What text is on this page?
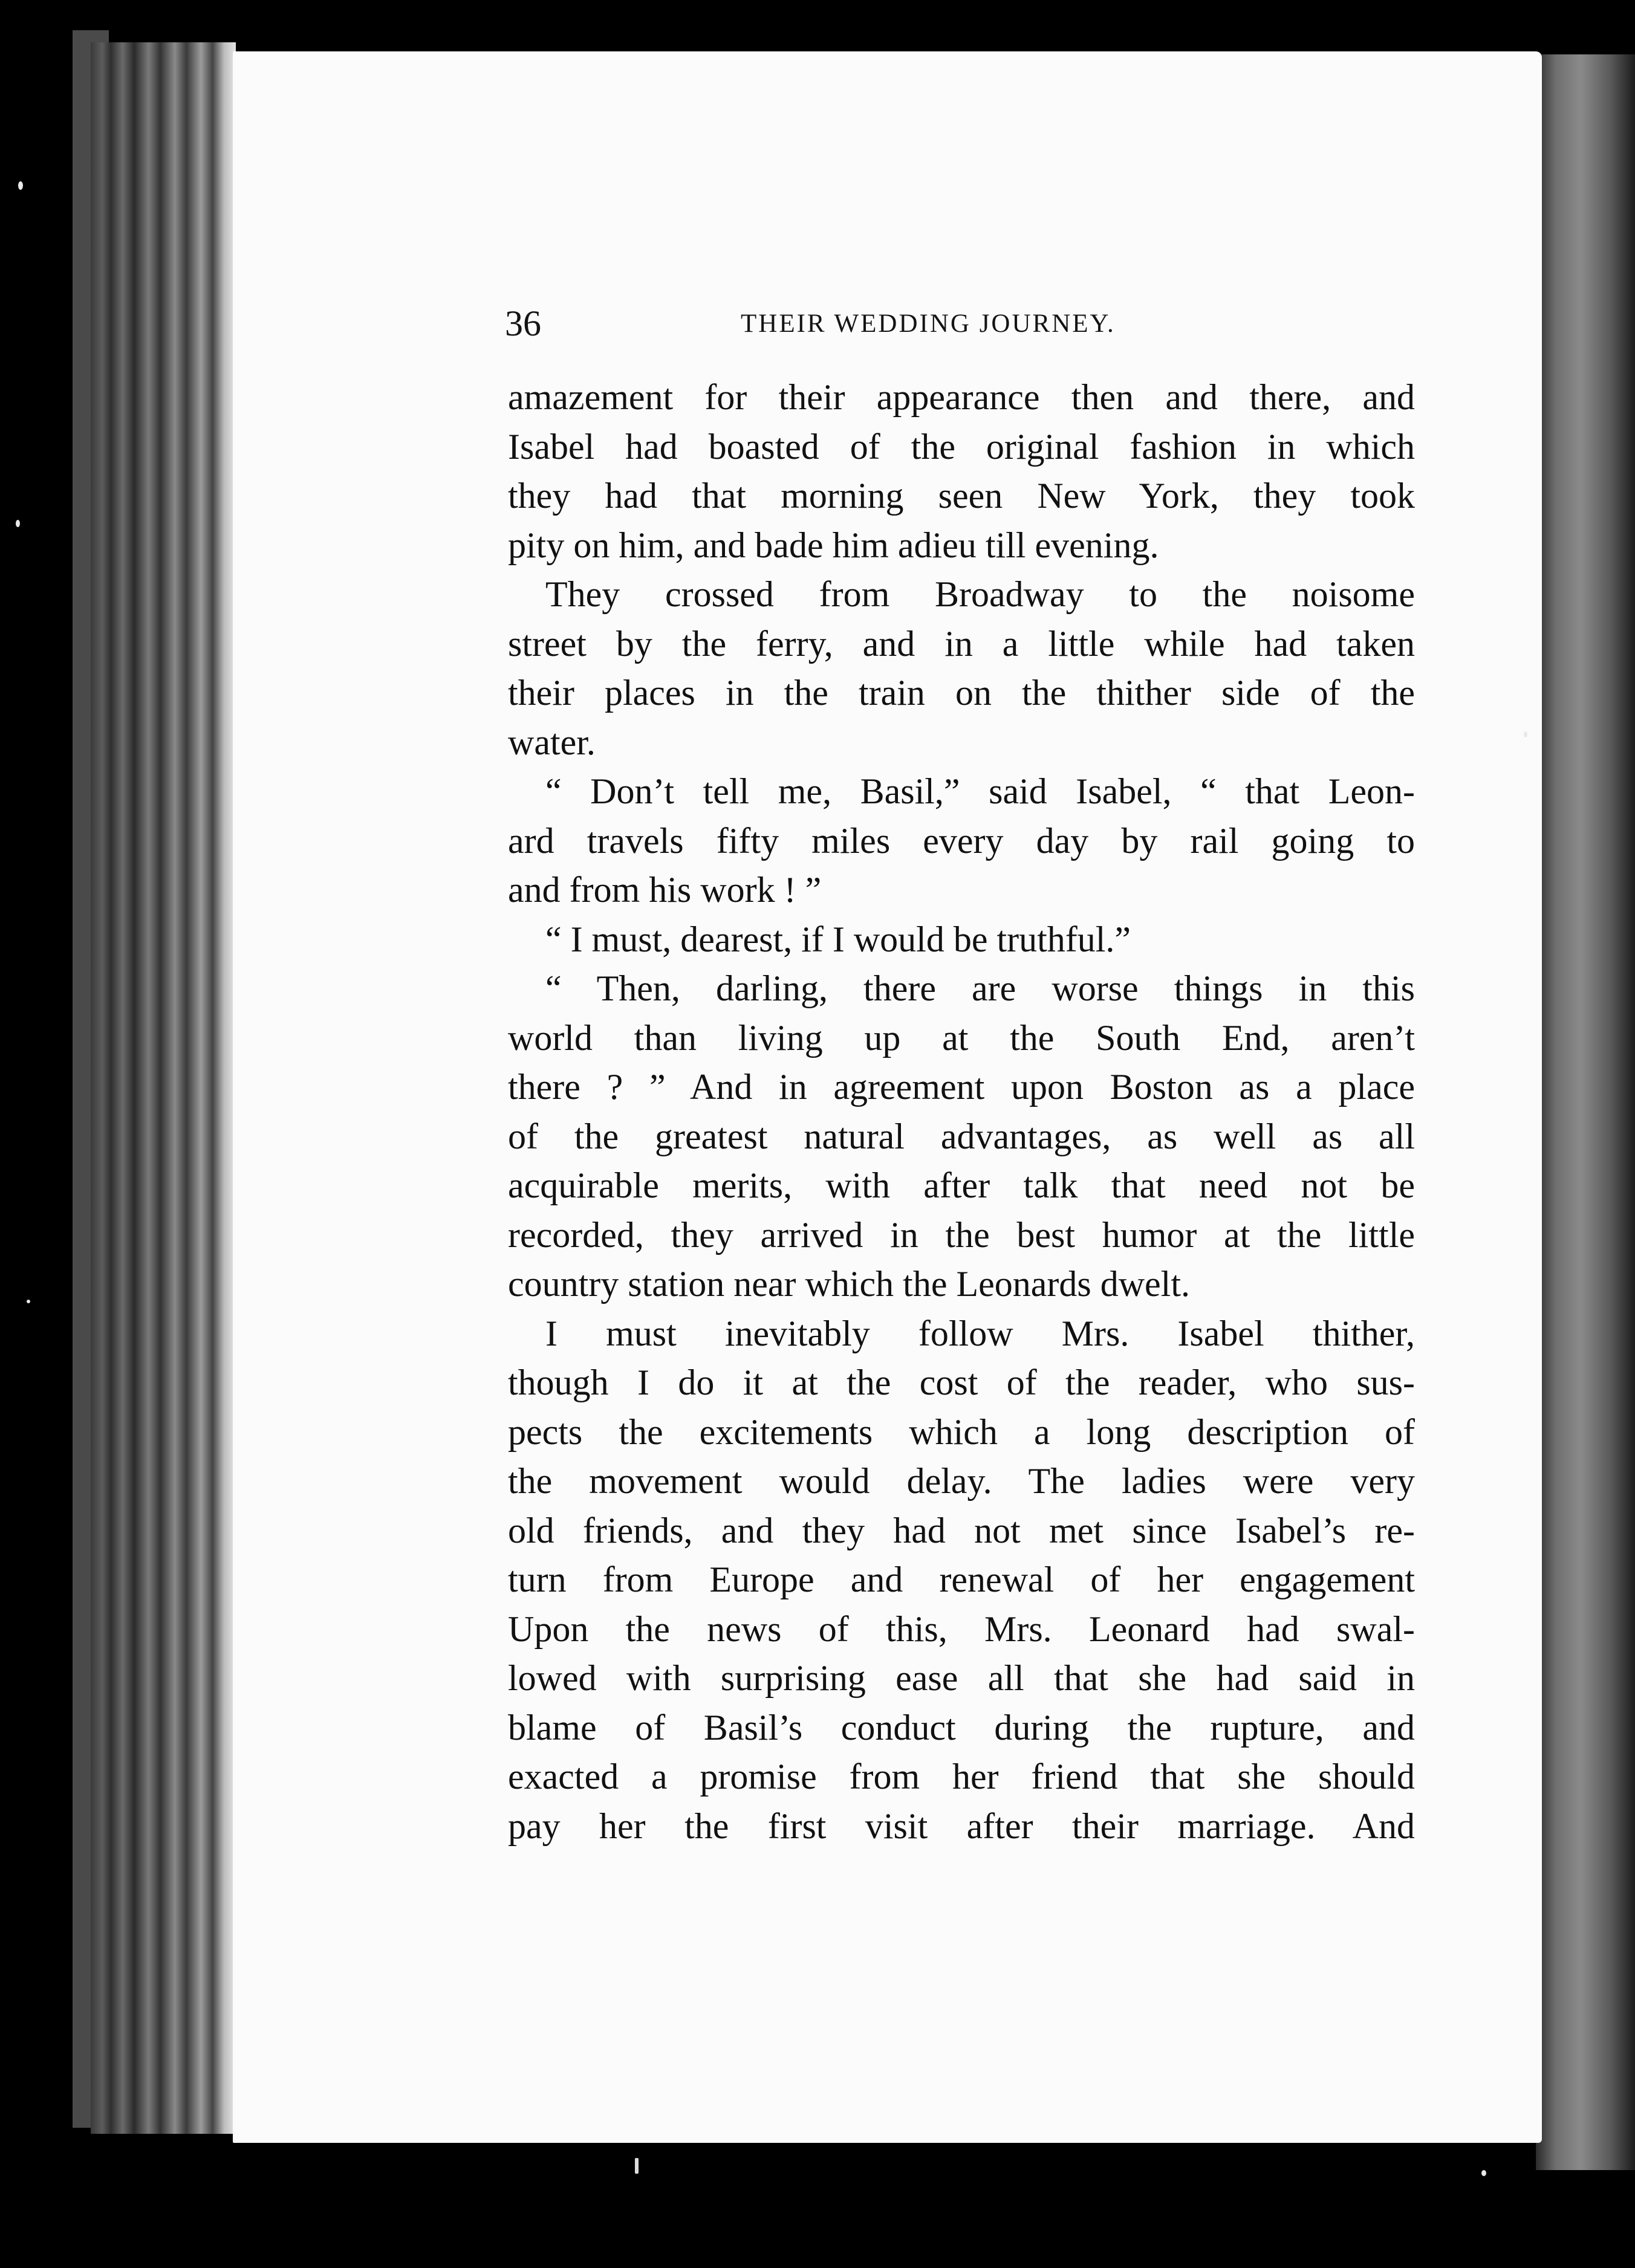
36	THEIR WEDDING JOURNEY.
amazement for their appearance then and there, and
Isabel had boasted of the original fashion in which
they had that morning seen New York, they took
pity on him, and bade him adieu till evening.
They crossed from Broadway to the noisome
street by the ferry, and in a little while had taken
their places in the train on the thither side of the
water.
“ Don’t tell me, Basil,” said Isabel, “ that Leon-
ard travels fifty miles every day by rail going to
and from his work ! ”
“ I must, dearest, if I would be truthful.”
“ Then, darling, there are worse things in this
world than living up at the South End, aren’t
there ? ” And in agreement upon Boston as a place
of the greatest natural advantages, as well as all
acquirable merits, with after talk that need not be
recorded, they arrived in the best humor at the little
country station near which the Leonards dwelt.
I must inevitably follow Mrs. Isabel thither,
though I do it at the cost of the reader, who sus-
pects the excitements which a long description of
the movement would delay. The ladies were very
old friends, and they had not met since Isabel’s re-
turn from Europe and renewal of her engagement
Upon the news of this, Mrs. Leonard had swal-
lowed with surprising ease all that she had said in
blame of Basil’s conduct during the rupture, and
exacted a promise from her friend that she should
pay her the first visit after their marriage. And
